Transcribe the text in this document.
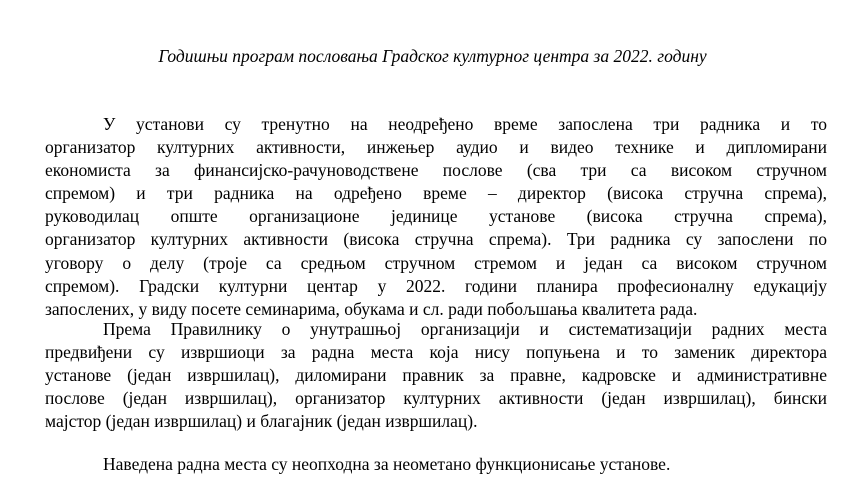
Годишњи програм пословања Градског културног центра за 2022. годину
У установи су тренутно на неодређено време запослена три радника и то
организатор културних активности, инжењер аудио и видео технике и дипломирани
економиста за финансијско-рачуноводствене послове (сва три са високом стручном
спремом) и три радника на одређено време – директор (висока стручна спрема),
руководилац опште организационе јединице установе (висока стручна спрема),
организатор културних активности (висока стручна спрема). Три радника су запослени по
уговору о делу (троје са средњом стручном стремом и један са високом стручном
спремом). Градски културни центар у 2022. години планира професионалну едукацију
запослених, у виду посете семинарима, обукама и сл. ради побољшања квалитета рада.
Према Правилнику о унутрашњој организацији и систематизацији радних места
предвиђени су извршиоци за радна места која нису попуњена и то заменик директора
установе (један извршилац), диломирани правник за правне, кадровске и административне
послове (један извршилац), организатор културних активности (један извршилац), бински
мајстор (један извршилац) и благајник (један извршилац).
Наведена радна места су неопходна за неометано функционисање установе.
